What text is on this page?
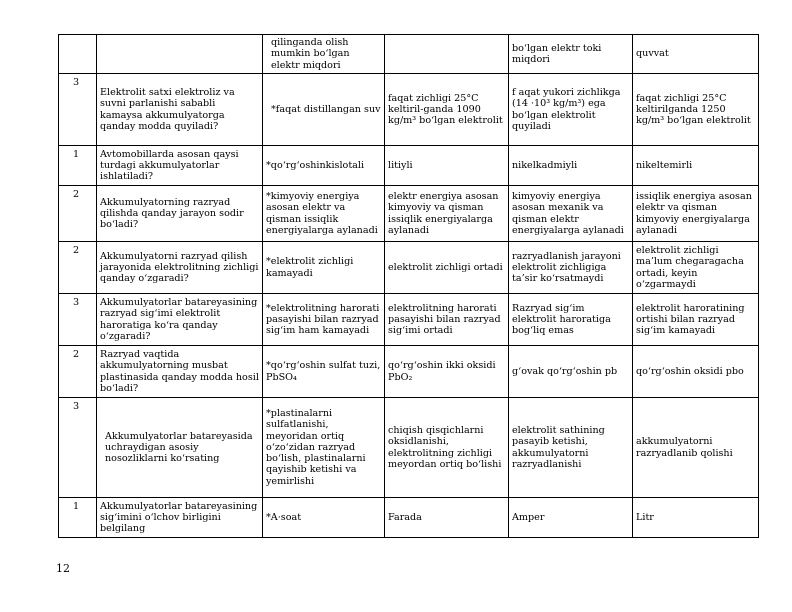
		qilinganda olish mumkin bo‘lgan elektr miqdori		bo‘lgan elektr toki miqdori	quvvat
3	Elektrolit satxi elektroliz va suvni parlanishi sababli kamaysa akkumulyatorga qanday modda quyiladi?	*faqat distillangan suv	faqat zichligi 25°C keltiril-ganda 1090 kg/m³ bo‘lgan elektrolit	f aqat yukori zichlikga (14 ·10³ kg/m³) ega bo‘lgan elektrolit quyiladi	faqat zichligi 25°C keltirilganda 1250 kg/m³ bo‘lgan elektrolit
1	Avtomobillarda asosan qaysi turdagi akkumulyatorlar ishlatiladi?	*qo‘rg‘oshinkislotali	litiyli	nikelkadmiyli	nikeltemirli
2	Akkumulyatorning razryad qilishda qanday jarayon sodir bo‘ladi?	*kimyoviy energiya asosan elektr va qisman issiqlik energiyalarga aylanadi	elektr energiya asosan kimyoviy va qisman issiqlik energiyalarga aylanadi	kimyoviy energiya asosan mexanik va qisman elektr energiyalarga aylanadi	issiqlik energiya asosan elektr va qisman kimyoviy energiyalarga aylanadi
2	Akkumulyatorni razryad qilish jarayonida elektrolitning zichligi qanday o‘zgaradi?	*elektrolit zichligi kamayadi	elektrolit zichligi ortadi	razryadlanish jarayoni elektrolit zichligiga ta’sir ko‘rsatmaydi	elektrolit zichligi ma’lum chegaragacha ortadi, keyin o‘zgarmaydi
3	Akkumulyatorlar batareyasining razryad sig‘imi elektrolit haroratiga ko‘ra qanday o‘zgaradi?	*elektrolitning harorati pasayishi bilan razryad sig‘im ham kamayadi	elektrolitning harorati pasayishi bilan razryad sig‘imi ortadi	Razryad sig‘im elektrolit haroratiga bog‘liq emas	elektrolit haroratining ortishi bilan razryad sig‘im kamayadi
2	Razryad vaqtida akkumulyatorning musbat plastinasida qanday modda hosil bo‘ladi?	*qo‘rg‘oshin sulfat tuzi, PbSO₄	qo‘rg‘oshin ikki oksidi PbO₂	g‘ovak qo‘rg‘oshin pb	qo‘rg‘oshin oksidi pbo
3	Akkumulyatorlar batareyasida uchraydigan asosiy nosozliklarni ko‘rsating	*plastinalarni sulfatlanishi, meyoridan ortiq o‘zo‘zidan razryad bo‘lish, plastinalarni qayishib ketishi va yemirlishi	chiqish qisqichlarni oksidlanishi, elektrolitning zichligi meyordan ortiq bo‘lishi	elektrolit sathining pasayib ketishi, akkumulyatorni razryadlanishi	akkumulyatorni razryadlanib qolishi
1	Akkumulyatorlar batareyasining sig‘imini o‘lchov birligini belgilang	*A·soat	Farada	Amper	Litr
12
